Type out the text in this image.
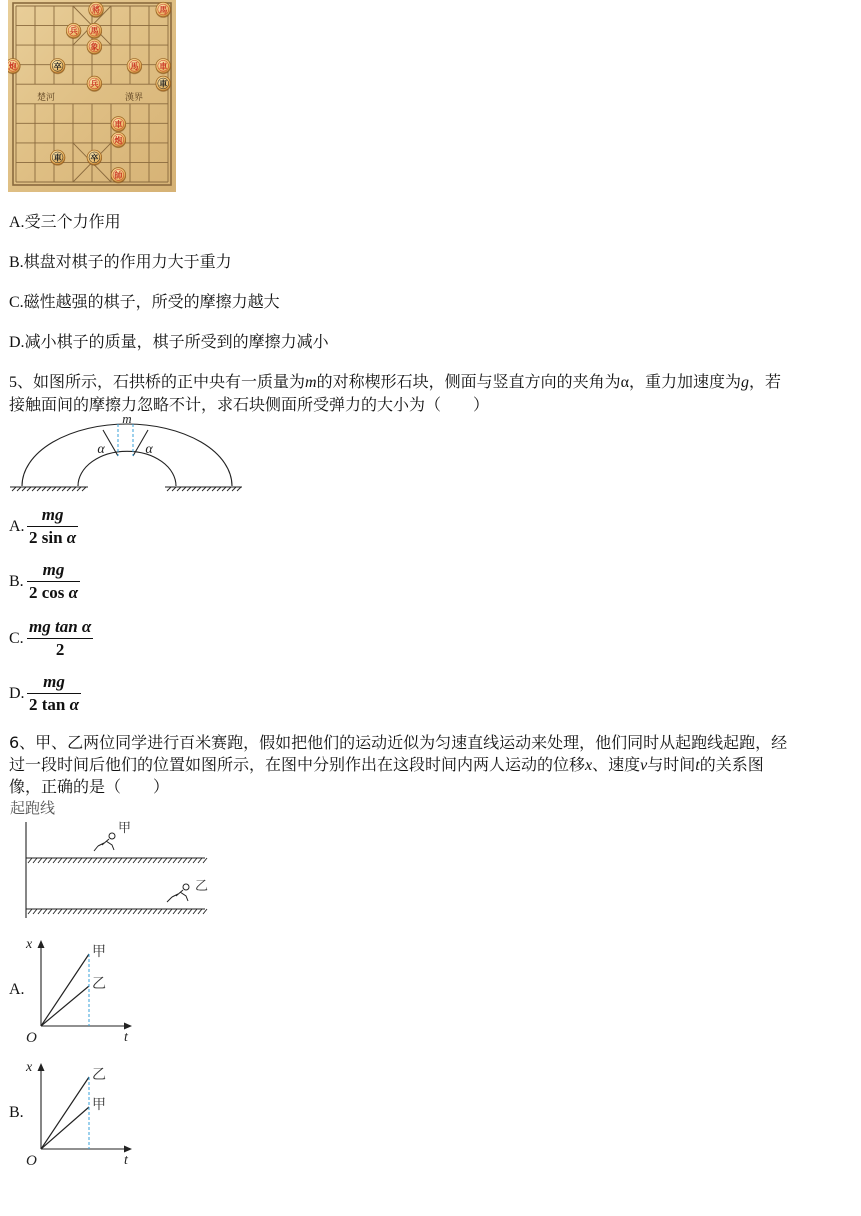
楚河	漢界
將	馬
兵 馬
象
炮	卒	馬	車
兵	車
車
炮
車	卒
帥
A.受三个力作用
B.棋盘对棋子的作用力大于重力
C.磁性越强的棋子，所受的摩擦力越大
D.减小棋子的质量，棋子所受到的摩擦力减小
5、如图所示，石拱桥的正中央有一质量为m的对称楔形石块，侧面与竖直方向的夹角为α，重力加速度为g，若
接触面间的摩擦力忽略不计，求石块侧面所受弹力的大小为（　　）
m
α	α
A.
mg
2 sin α
B.
mg
2 cos α
C.
mg tan α
2
D.
mg
2 tan α
6、甲、乙两位同学进行百米赛跑，假如把他们的运动近似为匀速直线运动来处理，他们同时从起跑线起跑，经
过一段时间后他们的位置如图所示，在图中分别作出在这段时间内两人运动的位移x、速度v与时间t的关系图
像，正确的是（　　）
起跑线
甲
乙
A.
x
t
O
甲
乙
B.
x
t
O
乙
甲
